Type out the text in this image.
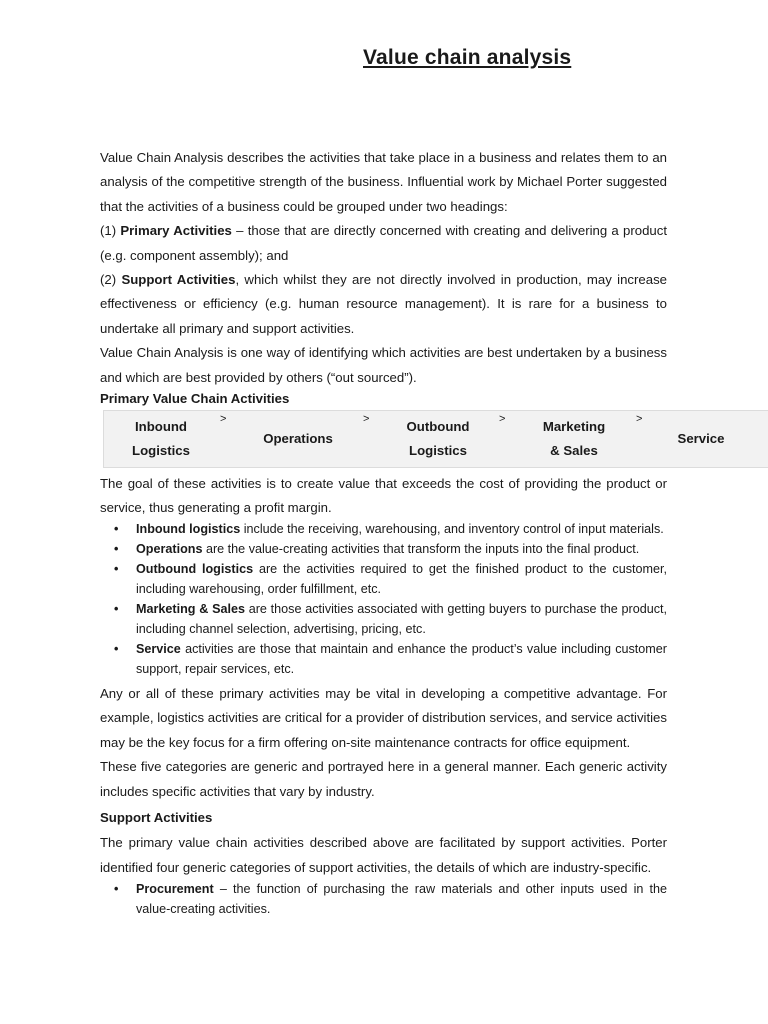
Value chain analysis

Value Chain Analysis describes the activities that take place in a business and relates them to an analysis of the competitive strength of the business. Influential work by Michael Porter suggested that the activities of a business could be grouped under two headings:

(1) Primary Activities – those that are directly concerned with creating and delivering a product (e.g. component assembly); and

(2) Support Activities, which whilst they are not directly involved in production, may increase effectiveness or efficiency (e.g. human resource management). It is rare for a business to undertake all primary and support activities.

Value Chain Analysis is one way of identifying which activities are best undertaken by a business and which are best provided by others (“out sourced”).

Primary Value Chain Activities
Inbound
Logistics
Operations
Outbound
Logistics
Marketing
& Sales
Service
>	>	>	>

The goal of these activities is to create value that exceeds the cost of providing the product or service, thus generating a profit margin.

• Inbound logistics include the receiving, warehousing, and inventory control of input materials.
• Operations are the value-creating activities that transform the inputs into the final product.
• Outbound logistics are the activities required to get the finished product to the customer, including warehousing, order fulfillment, etc.
• Marketing & Sales are those activities associated with getting buyers to purchase the product, including channel selection, advertising, pricing, etc.
• Service activities are those that maintain and enhance the product’s value including customer support, repair services, etc.

Any or all of these primary activities may be vital in developing a competitive advantage. For example, logistics activities are critical for a provider of distribution services, and service activities may be the key focus for a firm offering on-site maintenance contracts for office equipment.

These five categories are generic and portrayed here in a general manner. Each generic activity includes specific activities that vary by industry.

Support Activities

The primary value chain activities described above are facilitated by support activities. Porter identified four generic categories of support activities, the details of which are industry-specific.

• Procurement – the function of purchasing the raw materials and other inputs used in the value-creating activities.
